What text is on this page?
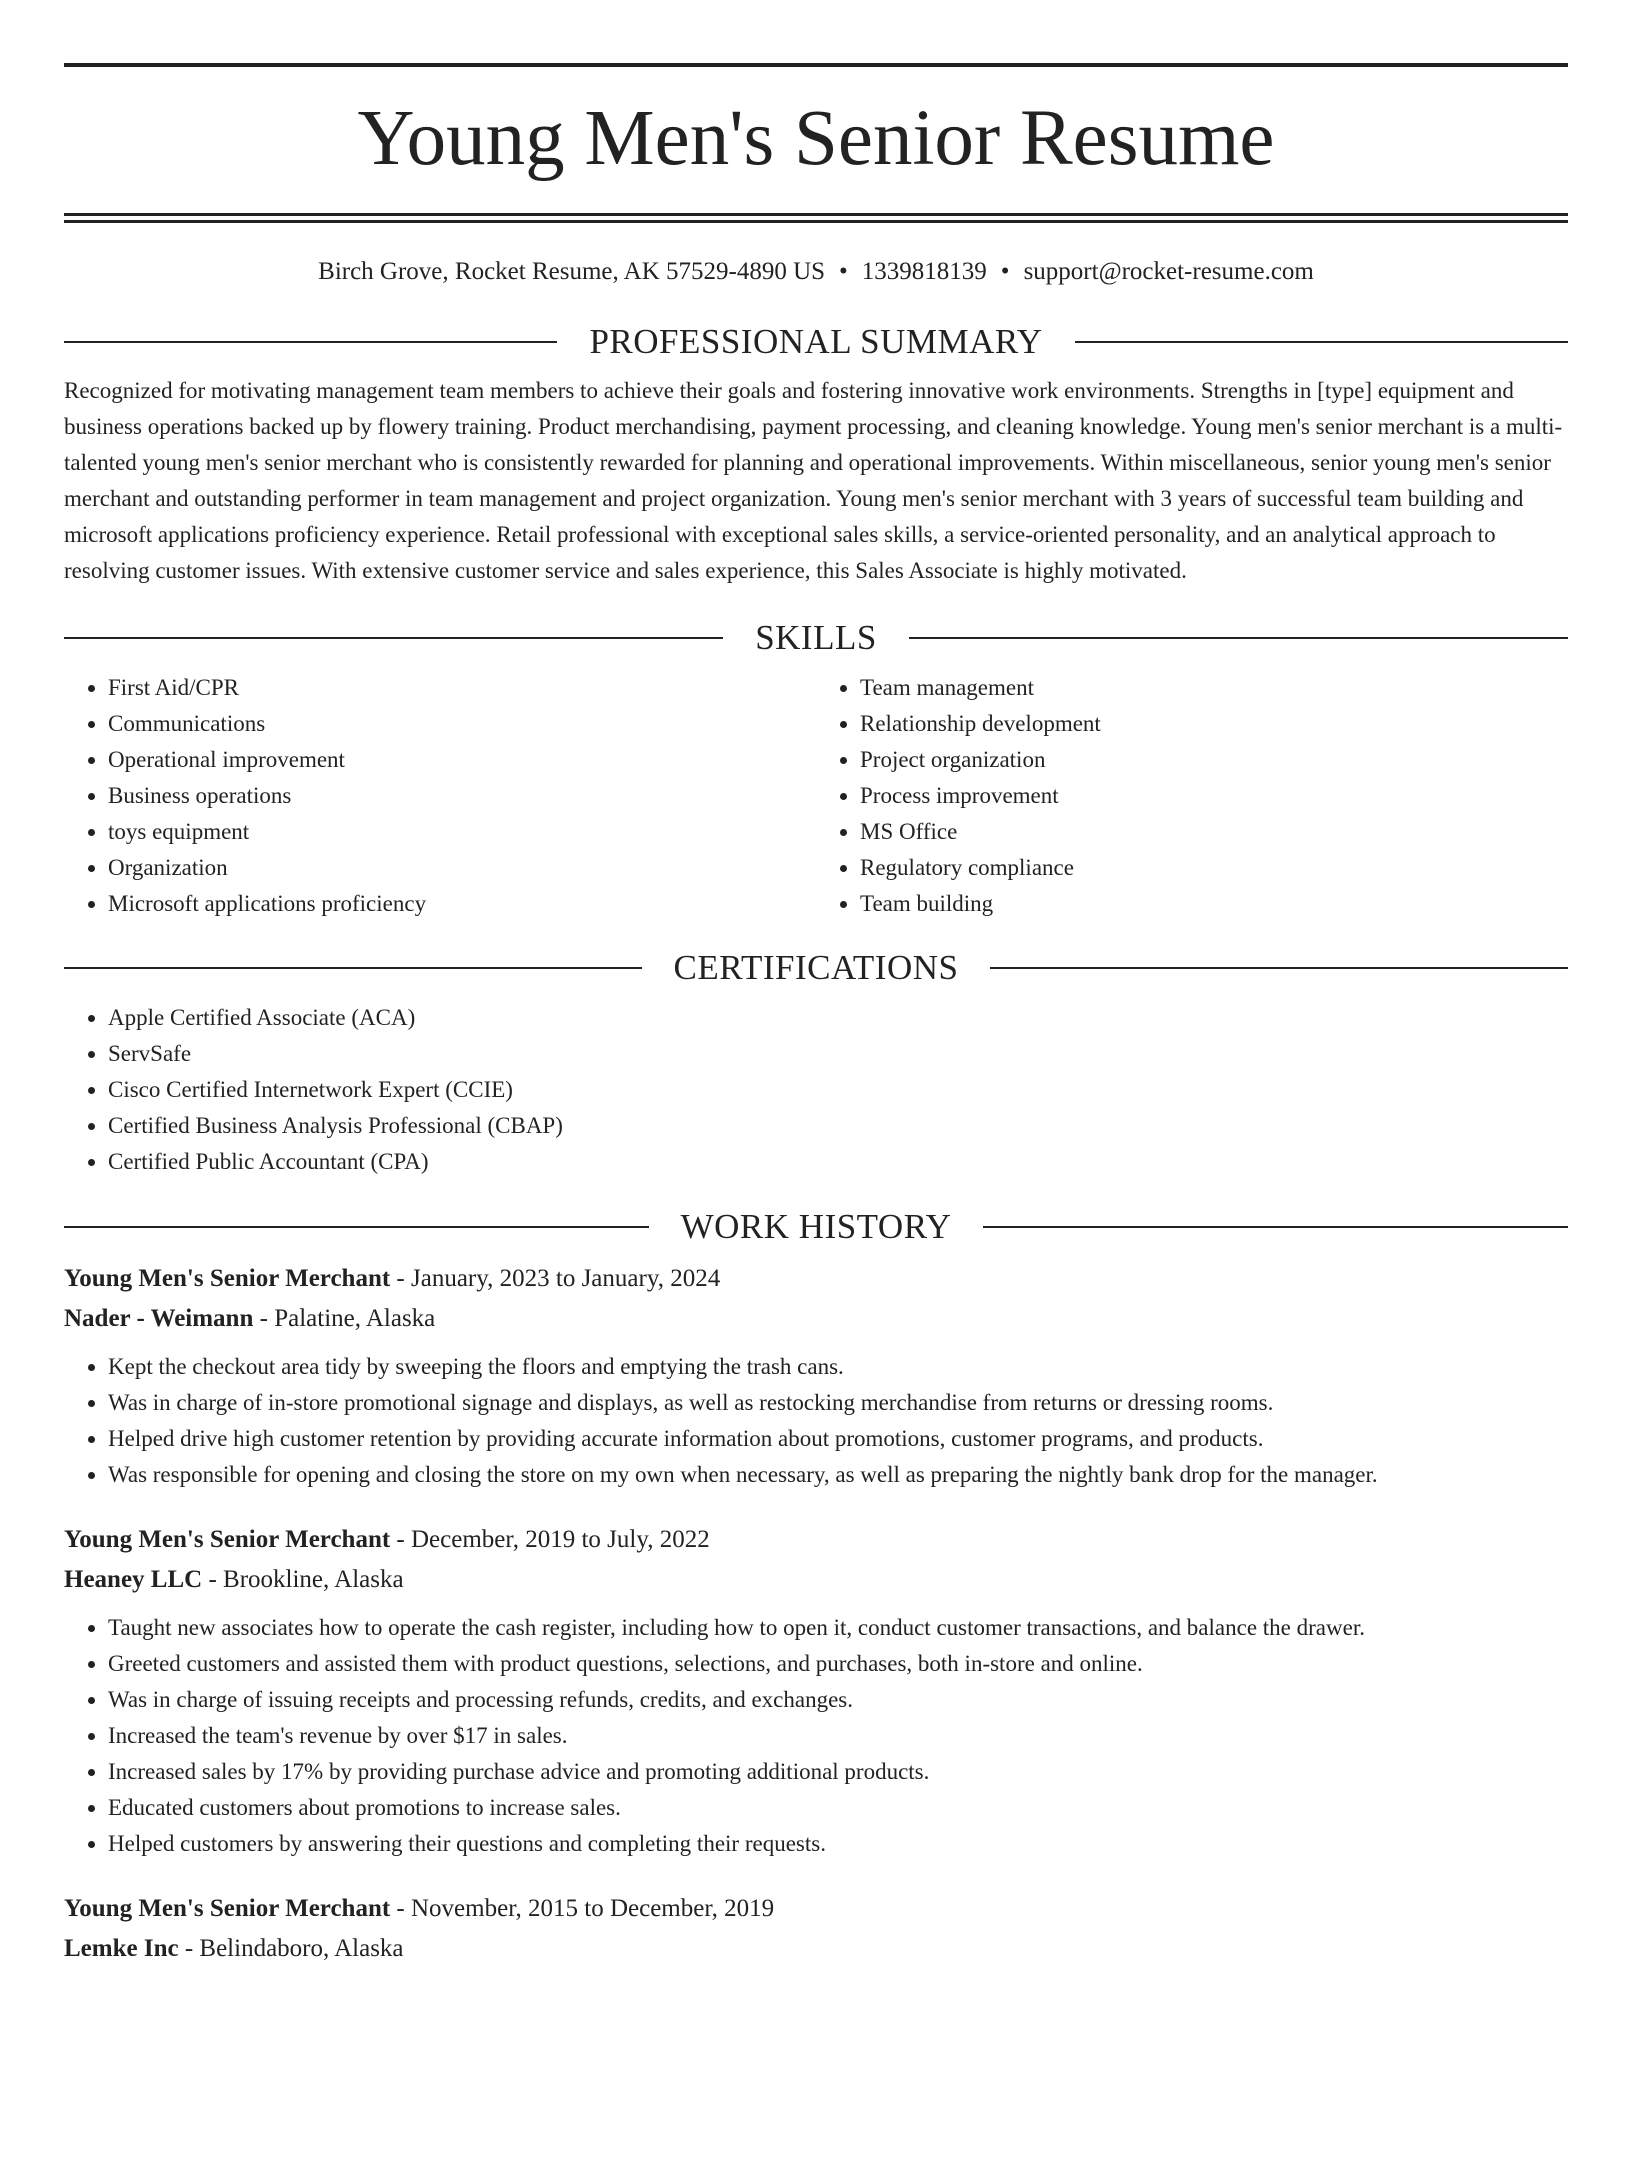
Young Men's Senior Resume
Birch Grove, Rocket Resume, AK 57529-4890 US • 1339818139 • support@rocket-resume.com
PROFESSIONAL SUMMARY

Recognized for motivating management team members to achieve their goals and fostering innovative work environments. Strengths in [type] equipment and business operations backed up by flowery training. Product merchandising, payment processing, and cleaning knowledge. Young men's senior merchant is a multi-talented young men's senior merchant who is consistently rewarded for planning and operational improvements. Within miscellaneous, senior young men's senior merchant and outstanding performer in team management and project organization. Young men's senior merchant with 3 years of successful team building and microsoft applications proficiency experience. Retail professional with exceptional sales skills, a service-oriented personality, and an analytical approach to resolving customer issues. With extensive customer service and sales experience, this Sales Associate is highly motivated.

SKILLS
• First Aid/CPR
• Communications
• Operational improvement
• Business operations
• toys equipment
• Organization
• Microsoft applications proficiency
• Team management
• Relationship development
• Project organization
• Process improvement
• MS Office
• Regulatory compliance
• Team building
CERTIFICATIONS
• Apple Certified Associate (ACA)
• ServSafe
• Cisco Certified Internetwork Expert (CCIE)
• Certified Business Analysis Professional (CBAP)
• Certified Public Accountant (CPA)
WORK HISTORY
Young Men's Senior Merchant - January, 2023 to January, 2024
Nader - Weimann - Palatine, Alaska
• Kept the checkout area tidy by sweeping the floors and emptying the trash cans.
• Was in charge of in-store promotional signage and displays, as well as restocking merchandise from returns or dressing rooms.
• Helped drive high customer retention by providing accurate information about promotions, customer programs, and products.
• Was responsible for opening and closing the store on my own when necessary, as well as preparing the nightly bank drop for the manager.
Young Men's Senior Merchant - December, 2019 to July, 2022
Heaney LLC - Brookline, Alaska
• Taught new associates how to operate the cash register, including how to open it, conduct customer transactions, and balance the drawer.
• Greeted customers and assisted them with product questions, selections, and purchases, both in-store and online.
• Was in charge of issuing receipts and processing refunds, credits, and exchanges.
• Increased the team's revenue by over $17 in sales.
• Increased sales by 17% by providing purchase advice and promoting additional products.
• Educated customers about promotions to increase sales.
• Helped customers by answering their questions and completing their requests.
Young Men's Senior Merchant - November, 2015 to December, 2019
Lemke Inc - Belindaboro, Alaska
